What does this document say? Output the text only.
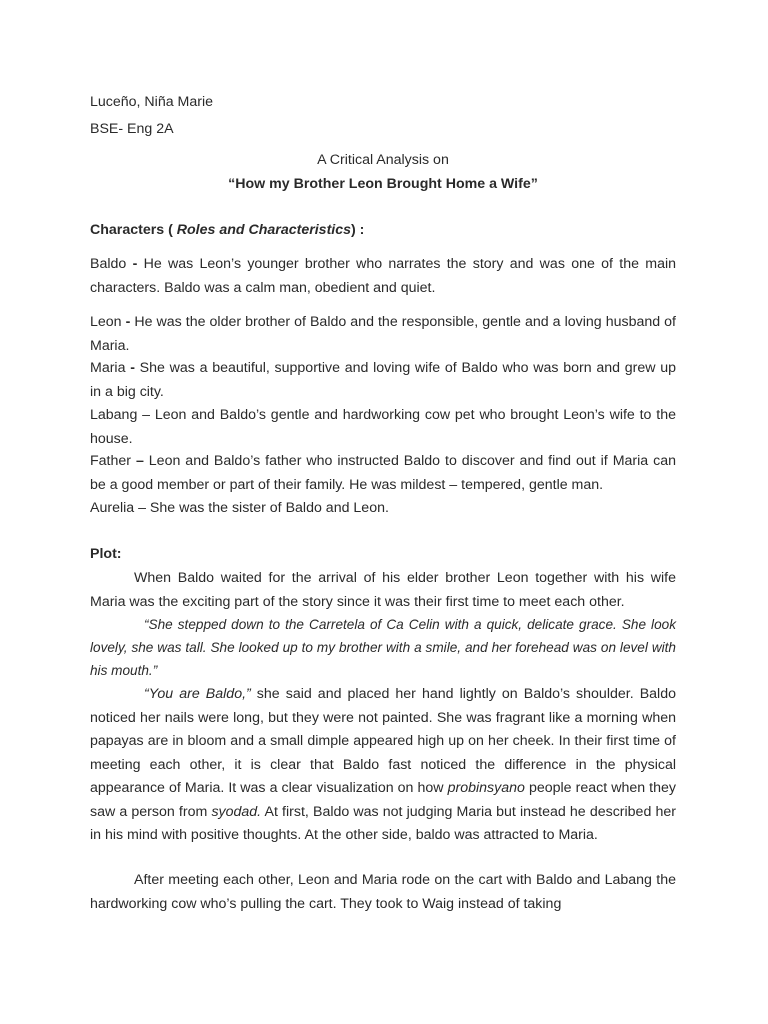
Luceño, Niña Marie
BSE- Eng 2A
A Critical Analysis on
“How my Brother Leon Brought Home a Wife”
Characters ( Roles and Characteristics) :

Baldo - He was Leon’s younger brother who narrates the story and was one of the main characters. Baldo was a calm man, obedient and quiet.

Leon - He was the older brother of Baldo and the responsible, gentle and a loving husband of Maria.

Maria - She was a beautiful, supportive and loving wife of Baldo who was born and grew up in a big city.

Labang – Leon and Baldo’s gentle and hardworking cow pet who brought Leon’s wife to the house.

Father – Leon and Baldo’s father who instructed Baldo to discover and find out if Maria can be a good member or part of their family. He was mildest – tempered, gentle man.

Aurelia – She was the sister of Baldo and Leon.

Plot:

When Baldo waited for the arrival of his elder brother Leon together with his wife Maria was the exciting part of the story since it was their first time to meet each other.

“She stepped down to the Carretela of Ca Celin with a quick, delicate grace. She look lovely, she was tall. She looked up to my brother with a smile, and her forehead was on level with his mouth.”

“You are Baldo,” she said and placed her hand lightly on Baldo’s shoulder. Baldo noticed her nails were long, but they were not painted. She was fragrant like a morning when papayas are in bloom and a small dimple appeared high up on her cheek. In their first time of meeting each other, it is clear that Baldo fast noticed the difference in the physical appearance of Maria. It was a clear visualization on how probinsyano people react when they saw a person from syodad. At first, Baldo was not judging Maria but instead he described her in his mind with positive thoughts. At the other side, baldo was attracted to Maria.

After meeting each other, Leon and Maria rode on the cart with Baldo and Labang the hardworking cow who’s pulling the cart. They took to Waig instead of taking
